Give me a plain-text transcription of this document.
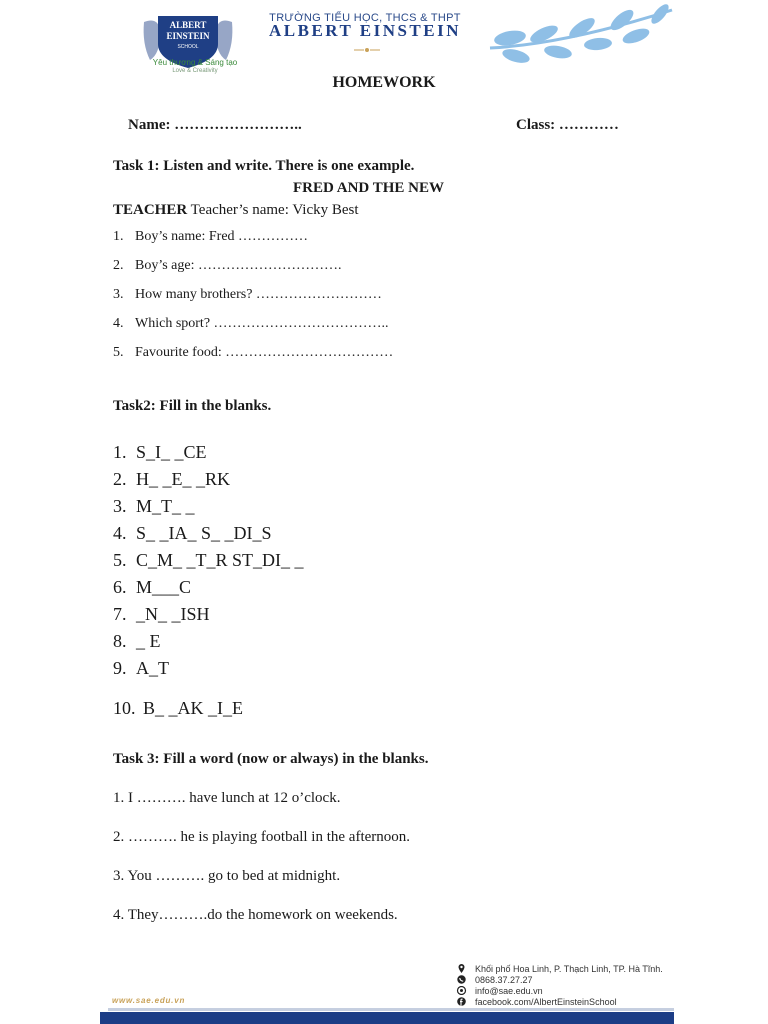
ALBERT
EINSTEIN
SCHOOL
Yêu thương & Sáng tạo
Love & Creativity
TRƯỜNG TIỂU HỌC, THCS & THPT
ALBERT EINSTEIN
HOMEWORK
Name: ……………………..	Class: …………
Task 1: Listen and write. There is one example.
FRED AND THE NEW
TEACHER Teacher’s name: Vicky Best
1. Boy’s name: Fred ……………
2. Boy’s age: ………………………….
3. How many brothers? ………………………
4. Which sport? ………………………………..
5. Favourite food: ………………………………
Task2: Fill in the blanks.
1. S_I_ _CE
2. H_ _E_ _RK
3. M_T_ _
4. S_ _IA_ S_ _DI_S
5. C_M_ _T_R ST_DI_ _
6. M___C
7. _N_ _ISH
8. _ E
9. A_T
10. B_ _AK _I_E
Task 3: Fill a word (now or always) in the blanks.
1. I ………. have lunch at 12 o’clock.
2. ………. he is playing football in the afternoon.
3. You ………. go to bed at midnight.
4. They……….do the homework on weekends.
Khối phố Hoa Linh, P. Thạch Linh, TP. Hà Tĩnh.
0868.37.27.27
info@sae.edu.vn
facebook.com/AlbertEinsteinSchool
www.sae.edu.vn
